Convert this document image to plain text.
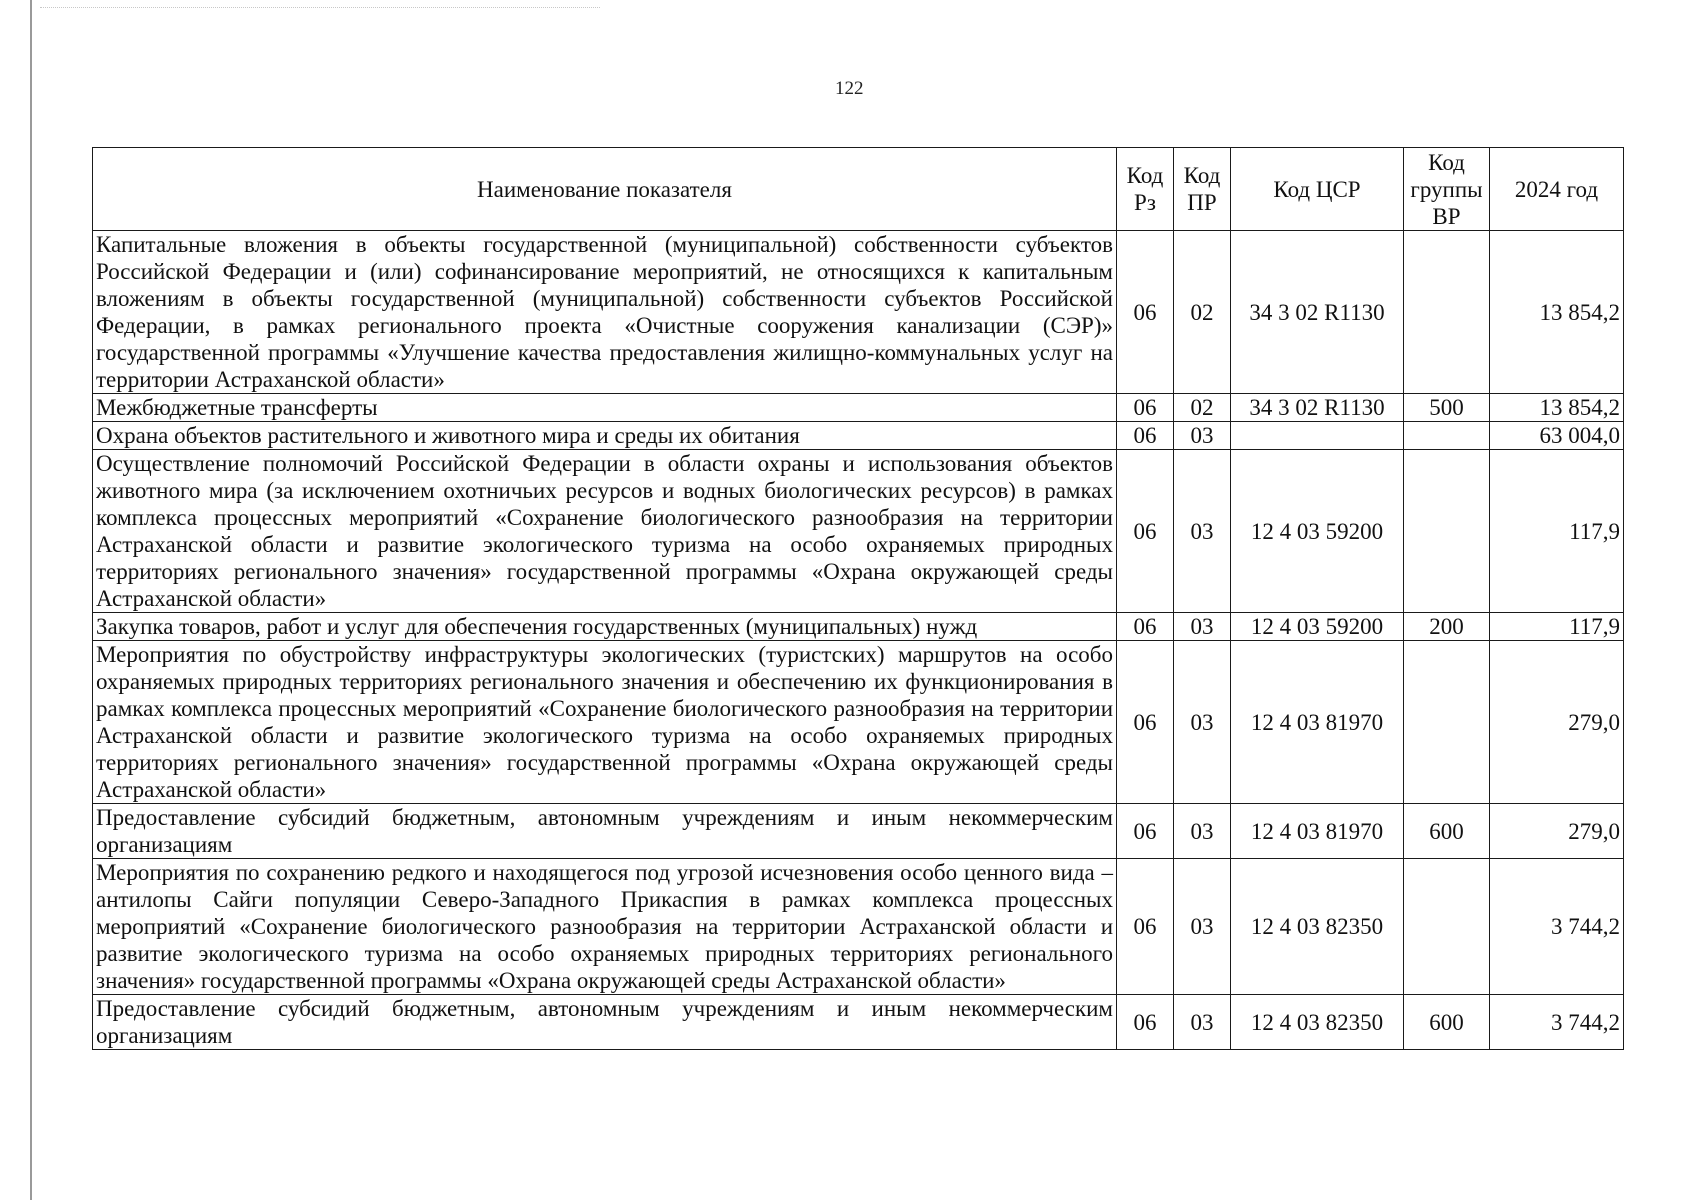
122
Наименование показателя	Код Рз	Код ПР	Код ЦСР	Код группы ВР	2024 год
Капитальные вложения в объекты государственной (муниципальной) собственности субъектов Российской Федерации и (или) софинансирование мероприятий, не относящихся к капитальным вложениям в объекты государственной (муниципальной) собственности субъектов Российской Федерации, в рамках регионального проекта «Очистные сооружения канализации (СЭР)» государственной программы «Улучшение качества предоставления жилищно-коммунальных услуг на территории Астраханской области»	06	02	34 3 02 R1130		13 854,2
Межбюджетные трансферты	06	02	34 3 02 R1130	500	13 854,2
Охрана объектов растительного и животного мира и среды их обитания	06	03			63 004,0
Осуществление полномочий Российской Федерации в области охраны и использования объектов животного мира (за исключением охотничьих ресурсов и водных биологических ресурсов) в рамках комплекса процессных мероприятий «Сохранение биологического разнообразия на территории Астраханской области и развитие экологического туризма на особо охраняемых природных территориях регионального значения» государственной программы «Охрана окружающей среды Астраханской области»	06	03	12 4 03 59200		117,9
Закупка товаров, работ и услуг для обеспечения государственных (муниципальных) нужд	06	03	12 4 03 59200	200	117,9
Мероприятия по обустройству инфраструктуры экологических (туристских) маршрутов на особо охраняемых природных территориях регионального значения и обеспечению их функционирования в рамках комплекса процессных мероприятий «Сохранение биологического разнообразия на территории Астраханской области и развитие экологического туризма на особо охраняемых природных территориях регионального значения» государственной программы «Охрана окружающей среды Астраханской области»	06	03	12 4 03 81970		279,0
Предоставление субсидий бюджетным, автономным учреждениям и иным некоммерческим организациям	06	03	12 4 03 81970	600	279,0
Мероприятия по сохранению редкого и находящегося под угрозой исчезновения особо ценного вида – антилопы Сайги популяции Северо-Западного Прикаспия в рамках комплекса процессных мероприятий «Сохранение биологического разнообразия на территории Астраханской области и развитие экологического туризма на особо охраняемых природных территориях регионального значения» государственной программы «Охрана окружающей среды Астраханской области»	06	03	12 4 03 82350		3 744,2
Предоставление субсидий бюджетным, автономным учреждениям и иным некоммерческим организациям	06	03	12 4 03 82350	600	3 744,2
